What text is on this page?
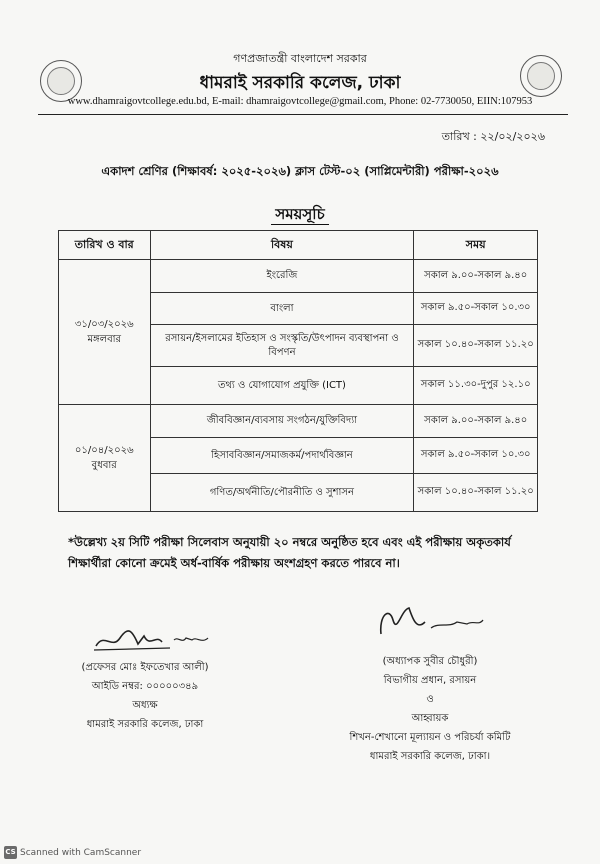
গণপ্রজাতন্ত্রী বাংলাদেশ সরকার
ধামরাই সরকারি কলেজ, ঢাকা
www.dhamraigovtcollege.edu.bd, E-mail: dhamraigovtcollege@gmail.com, Phone: 02-7730050, EIIN:107953
তারিখ : ২২/০২/২০২৬
একাদশ শ্রেণির (শিক্ষাবর্ষ: ২০২৫-২০২৬) ক্লাস টেস্ট-০২ (সাপ্লিমেন্টারী) পরীক্ষা-২০২৬
সময়সূচি
তারিখ ও বার	বিষয়	সময়

৩১/০৩/২০২৬
মঙ্গলবার	ইংরেজি	সকাল ৯.০০-সকাল ৯.৪০
	বাংলা	সকাল ৯.৫০-সকাল ১০.৩০
	রসায়ন/ইসলামের ইতিহাস ও সংস্কৃতি/উৎপাদন ব্যবস্থাপনা ও বিপণন	সকাল ১০.৪০-সকাল ১১.২০
	তথ্য ও যোগাযোগ প্রযুক্তি (ICT)	সকাল ১১.৩০-দুপুর ১২.১০

০১/০৪/২০২৬
বুধবার	জীববিজ্ঞান/ব্যবসায় সংগঠন/যুক্তিবিদ্যা	সকাল ৯.০০-সকাল ৯.৪০
	হিসাববিজ্ঞান/সমাজকর্ম/পদার্থবিজ্ঞান	সকাল ৯.৫০-সকাল ১০.৩০
	গণিত/অর্থনীতি/পৌরনীতি ও সুশাসন	সকাল ১০.৪০-সকাল ১১.২০
*উল্লেখ্য ২য় সিটি পরীক্ষা সিলেবাস অনুযায়ী ২০ নম্বরে অনুষ্ঠিত হবে এবং এই পরীক্ষায় অকৃতকার্য শিক্ষার্থীরা কোনো ক্রমেই অর্ধ-বার্ষিক পরীক্ষায় অংশগ্রহণ করতে পারবে না।
(প্রফেসর মোঃ ইফতেখার আলী)
আইডি নম্বর: ০০০০০৩৪৯
অধ্যক্ষ
ধামরাই সরকারি কলেজ, ঢাকা
(অধ্যাপক সুবীর চৌধুরী)
বিভাগীয় প্রধান, রসায়ন
ও
আহ্বায়ক
শিখন-শেখানো মূল্যায়ন ও পরিচর্যা কমিটি
ধামরাই সরকারি কলেজ, ঢাকা।
CS Scanned with CamScanner
